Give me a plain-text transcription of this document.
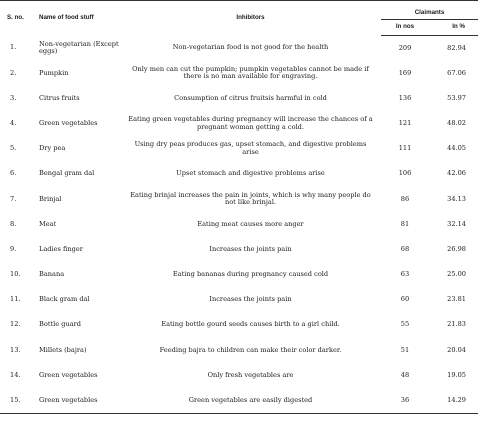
S. no.	Name of food stuff	Inhibitors	Claimants	
			In nos	In %
1.	Non-vegetarian (Except eggs)	Non-vegetarian food is not good for the health	209	82.94
2.	Pumpkin	Only men can cut the pumpkin; pumpkin vegetables cannot be made if there is no man available for engraving.	169	67.06
3.	Citrus fruits	Consumption of citrus fruitsis harmful in cold	136	53.97
4.	Green vegetables	Eating green vegetables during pregnancy will increase the chances of a pregnant woman getting a cold.	121	48.02
5.	Dry pea	Using dry peas produces gas, upset stomach, and digestive problems arise	111	44.05
6.	Bengal gram dal	Upset stomach and digestive problems arise	106	42.06
7.	Brinjal	Eating brinjal increases the pain in joints, which is why many people do not like brinjal.	86	34.13
8.	Meat	Eating meat causes more anger	81	32.14
9.	Ladies finger	Increases the joints pain	68	26.98
10.	Banana	Eating bananas during pregnancy caused cold	63	25.00
11.	Black gram dal	Increases the joints pain	60	23.81
12.	Bottle guard	Eating bottle gourd seeds causes birth to a girl child.	55	21.83
13.	Millets (bajra)	Feeding bajra to children can make their color darker.	51	20.04
14.	Green vegetables	Only fresh vegetables are	48	19.05
15.	Green vegetables	Green vegetables are easily digested	36	14.29
